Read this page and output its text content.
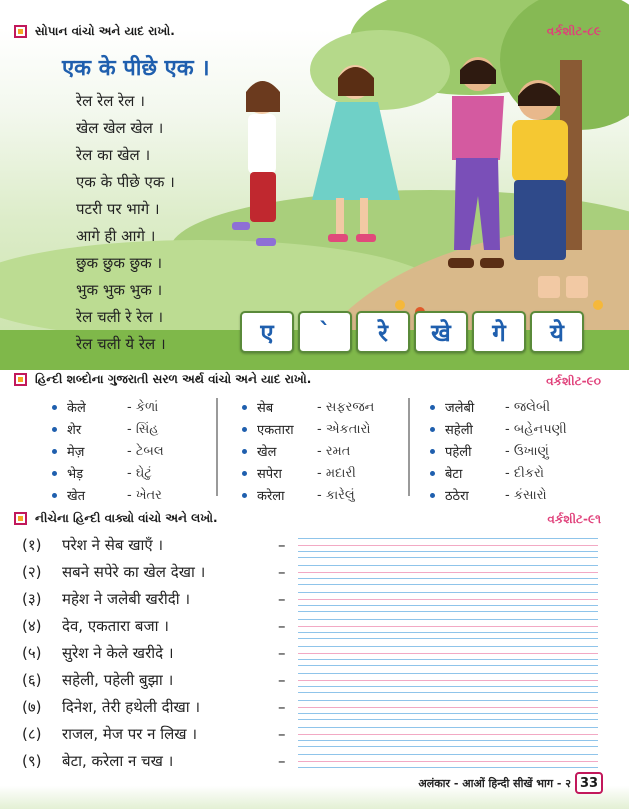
સોપાન વાંચો અને યાદ રાખો.	વર્કશીટ-૮૯
एक के पीछे एक ।
रेल रेल रेल ।
खेल खेल खेल ।
रेल का खेल ।
एक के पीछे एक ।
पटरी पर भागे ।
आगे ही आगे ।
छुक छुक छुक ।
भुक भुक भुक ।
रेल चली रे रेल ।
रेल चली ये रेल ।	ए	`	रे	खे	गे	ये
હિન્દી શબ્દોના ગુજરાતી સરળ અર્થ વાંચો અને યાદ રાખો.	વર્કશીટ-૯૦
केले	- કેળાં
शेर	- સિંહ
मेज़	- ટેબલ
भेड़	- ઘેટું
खेत	- ખેતર
सेब	- સફરજન
एकतारा	- એકતારો
खेल	- રમત
सपेरा	- મદારી
करेला	- કારેલું
जलेबी	- જલેબી
सहेली	- બહેનપણી
पहेली	- ઉખાણું
बेटा	- દીકરો
ठठेरा	- કંસારો
નીચેના હિન્દી વાક્યો વાંચો અને લખો.	વર્કશીટ-૯૧
(१) परेश ने सेब खाएँ ।	–
(२) सबने सपेरे का खेल देखा ।	–
(३) महेश ने जलेबी खरीदी ।	–
(४) देव, एकतारा बजा ।	–
(५) सुरेश ने केले खरीदे ।	–
(६) सहेली, पहेली बुझा ।	–
(७) दिनेश, तेरी हथेली दीखा ।	–
(८) राजल, मेज पर न लिख ।	–
(९) बेटा, करेला न चख ।	–
अलंकार - आओं हिन्दी सीखें भाग - २ 33
